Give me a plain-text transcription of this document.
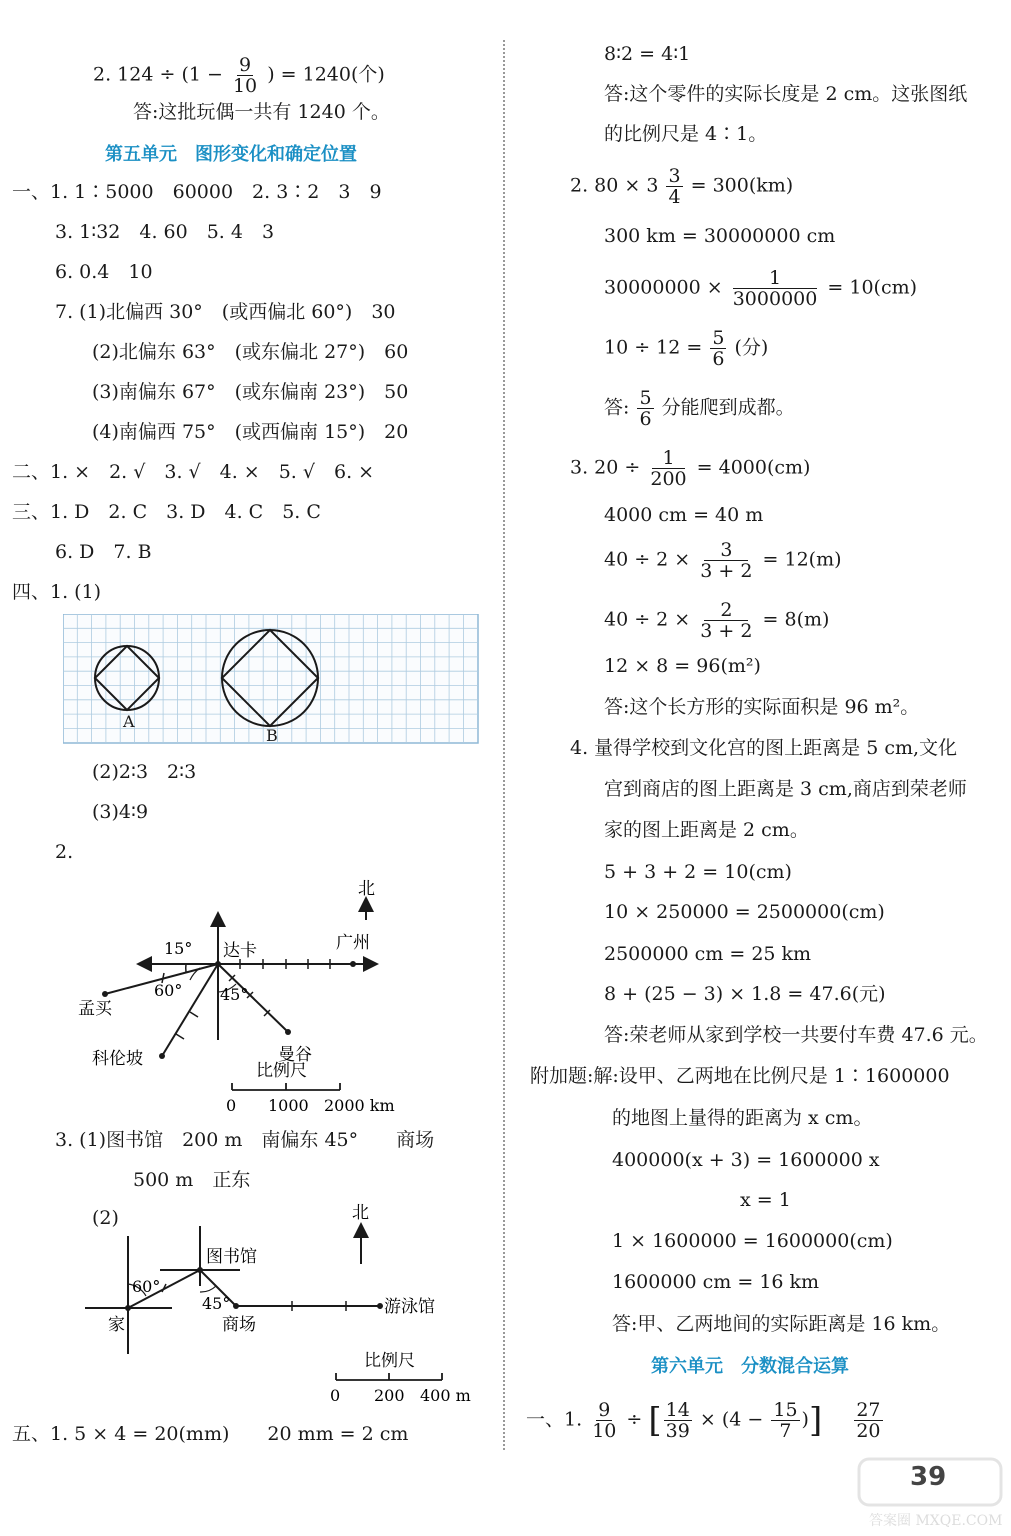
2. $124 \div (1 - \frac{9}{10}$ ) = 1240(个)
答:这批玩偶一共有 1240 个。
第五单元　图形变化和确定位置
一、1. 1∶5000　60000　2. 3∶2　3　9
3. 1∶32　4. 60　5. 4　3
6. 0.4　10
7. (1)北偏西 30°　(或西偏北 60°)　30
(2)北偏东 63°　(或东偏北 27°)　60
(3)南偏东 67°　(或东偏南 23°)　50
(4)南偏西 75°　(或西偏南 15°)　20
二、1. ×　2. √　3. √　4. ×　5. √　6. ×
三、1. D　2. C　3. D　4. C　5. C
6. D　7. B
四、1. (1)
A
B
(2)2∶3　2∶3
(3)4∶9
2.
北
达卡	广州
15°
60° 45°
孟买
曼谷
科伦坡
比例尺
0 1000 2000 km
3. (1)图书馆　200 m　南偏东 45°　　商场
500 m　正东
(2)	北
图书馆
60°
45°
家	商场
游泳馆
比例尺
0 200 400 m
五、1. 5 × 4 = 20(mm)　　20 mm = 2 cm
8∶2 = 4∶1
答:这个零件的实际长度是 2 cm。这张图纸
的比例尺是 4∶1。
2. $80 \times 3 \frac{3}{4} = 300(km)$
300 km = 30000000 cm
$30000000 \times \frac{1}{3000000} = 10(cm)$
$10 \div 12 = \frac{5}{6}$ (分)
答: $\frac{5}{6}$ 分能爬到成都。
3. $20 \div \frac{1}{200} = 4000(cm)$
4000 cm = 40 m
$40 \div 2 \times \frac{3}{3 + 2} = 12(m)$
$40 \div 2 \times \frac{2}{3 + 2} = 8(m)$
12 × 8 = 96(m²)
答:这个长方形的实际面积是 96 m²。
4. 量得学校到文化宫的图上距离是 5 cm,文化
宫到商店的图上距离是 3 cm,商店到荣老师
家的图上距离是 2 cm。
5 + 3 + 2 = 10(cm)
10 × 250000 = 2500000(cm)
2500000 cm = 25 km
8 + (25 − 3) × 1.8 = 47.6(元)
答:荣老师从家到学校一共要付车费 47.6 元。
附加题:解:设甲、乙两地在比例尺是 1∶1600000
的地图上量得的距离为 x cm。
400000(x + 3) = 1600000 x
x = 1
1 × 1600000 = 1600000(cm)
1600000 cm = 16 km
答:甲、乙两地间的实际距离是 16 km。
第六单元　分数混合运算
一、1. $\frac{9}{10}$ ÷ [ $\frac{14}{39} \times (4 - \frac{15}{7}$ )] $\frac{27}{20}$
答案圈 MXQE.COM
39
